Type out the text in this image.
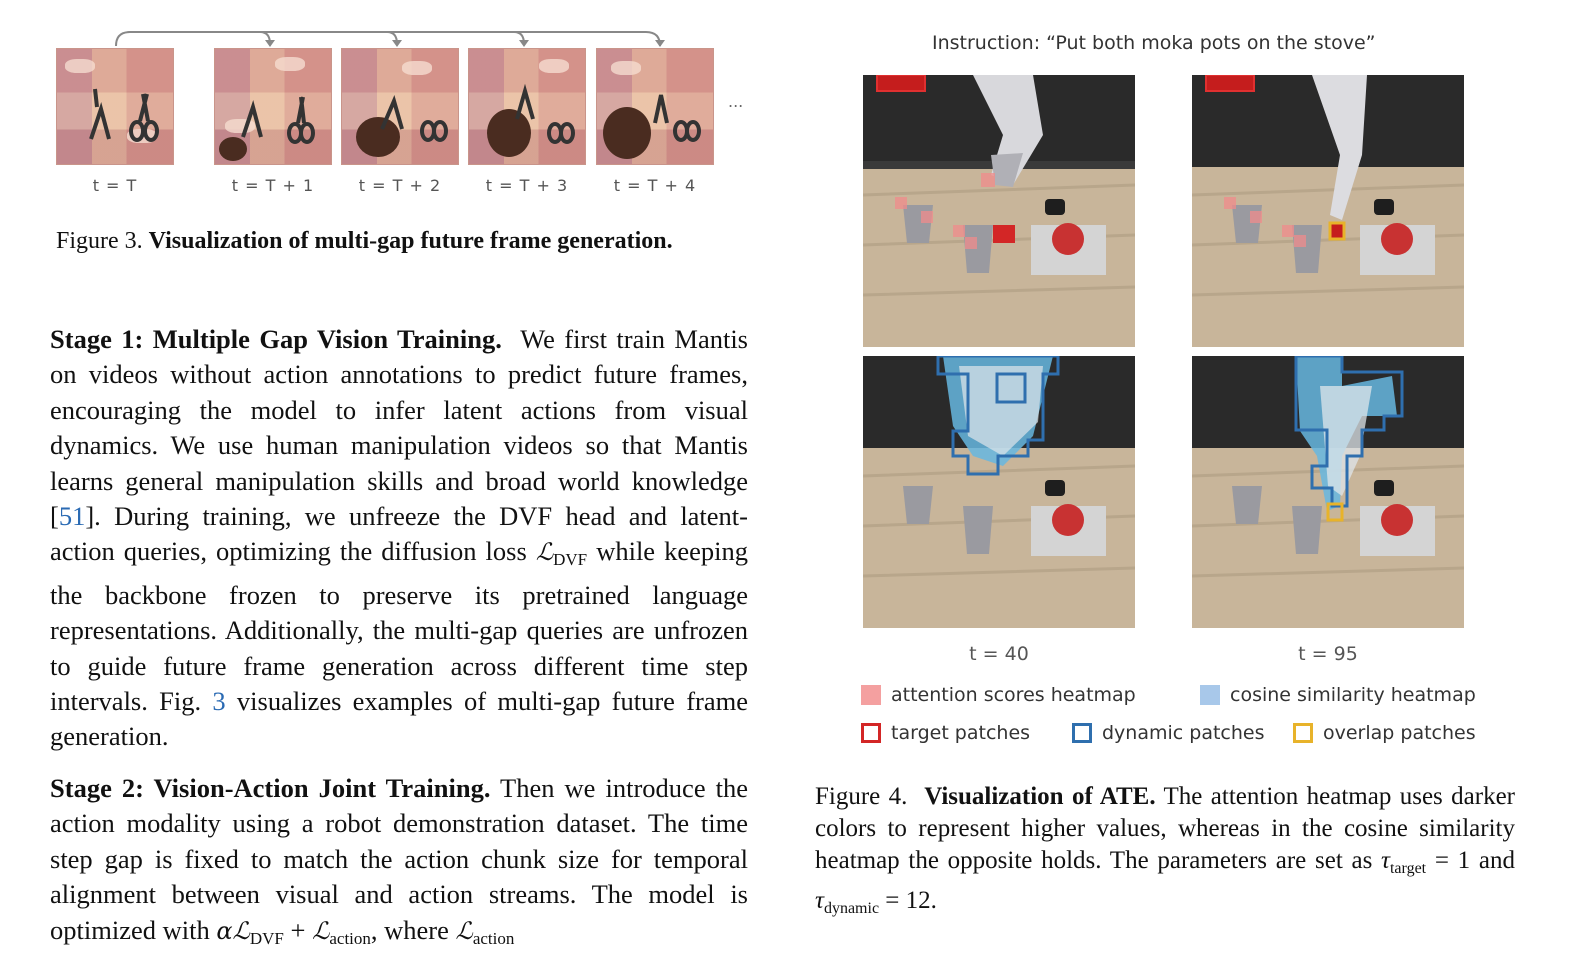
t = T	t = T + 1	t = T + 2	t = T + 3	t = T + 4
...
Figure 3. Visualization of multi-gap future frame generation.

Stage 1: Multiple Gap Vision Training. We first train Mantis on videos without action annotations to predict future frames, encouraging the model to infer latent actions from visual dynamics. We use human manipulation videos so that Mantis learns general manipulation skills and broad world knowledge [51]. During training, we unfreeze the DVF head and latent-action queries, optimizing the diffusion loss ℒDVF while keeping the backbone frozen to preserve its pretrained language representations. Additionally, the multi-gap queries are unfrozen to guide future frame generation across different time step intervals. Fig. 3 visualizes examples of multi-gap future frame generation.

Stage 2: Vision-Action Joint Training. Then we introduce the action modality using a robot demonstration dataset. The time step gap is fixed to match the action chunk size for temporal alignment between visual and action streams. The model is optimized with αℒDVF + ℒaction, where ℒaction

Instruction: “Put both moka pots on the stove”
t = 40	t = 95
attention scores heatmap	cosine similarity heatmap
target patches	dynamic patches	overlap patches
Figure 4. Visualization of ATE. The attention heatmap uses darker colors to represent higher values, whereas in the cosine similarity heatmap the opposite holds. The parameters are set as $\tau_{target} = 1$ and $\tau_{dynamic} = 12$.
